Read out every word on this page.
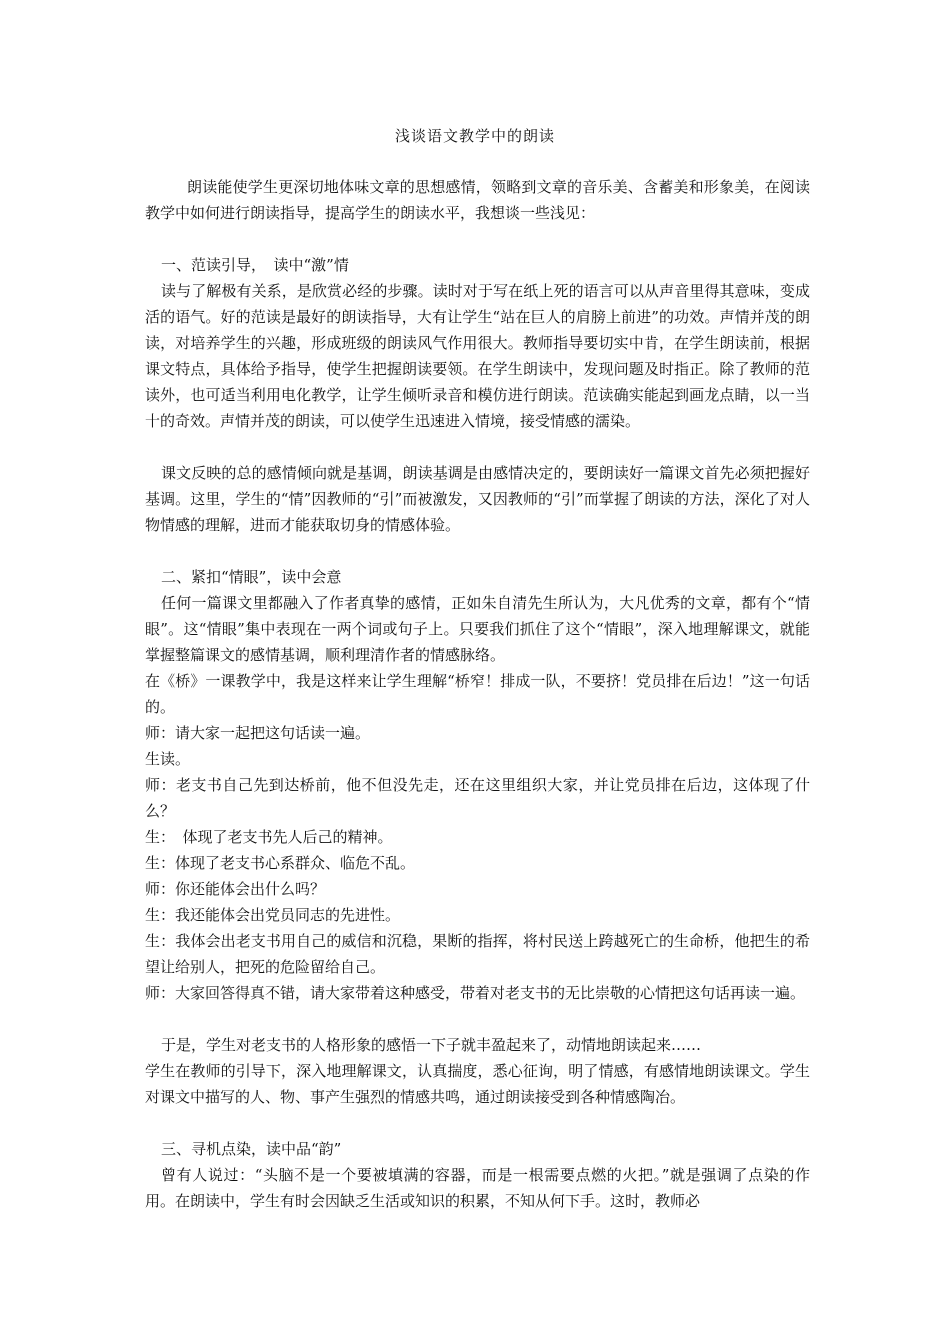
浅谈语文教学中的朗读

朗读能使学生更深切地体味文章的思想感情，领略到文章的音乐美、含蓄美和形象美，在阅读教学中如何进行朗读指导，提高学生的朗读水平，我想谈一些浅见：

一、范读引导，　读中“激”情

读与了解极有关系，是欣赏必经的步骤。读时对于写在纸上死的语言可以从声音里得其意味，变成活的语气。好的范读是最好的朗读指导，大有让学生“站在巨人的肩膀上前进”的功效。声情并茂的朗读，对培养学生的兴趣，形成班级的朗读风气作用很大。教师指导要切实中肯，在学生朗读前，根据课文特点，具体给予指导，使学生把握朗读要领。在学生朗读中，发现问题及时指正。除了教师的范读外，也可适当利用电化教学，让学生倾听录音和模仿进行朗读。范读确实能起到画龙点睛，以一当十的奇效。声情并茂的朗读，可以使学生迅速进入情境，接受情感的濡染。

课文反映的总的感情倾向就是基调，朗读基调是由感情决定的，要朗读好一篇课文首先必须把握好基调。这里，学生的“情”因教师的“引”而被激发，又因教师的“引”而掌握了朗读的方法，深化了对人物情感的理解，进而才能获取切身的情感体验。

二、紧扣“情眼”，读中会意

任何一篇课文里都融入了作者真挚的感情，正如朱自清先生所认为，大凡优秀的文章，都有个“情眼”。这“情眼”集中表现在一两个词或句子上。只要我们抓住了这个“情眼”，深入地理解课文，就能掌握整篇课文的感情基调，顺利理清作者的情感脉络。

在《桥》一课教学中，我是这样来让学生理解“桥窄！排成一队，不要挤！党员排在后边！”这一句话的。

师：请大家一起把这句话读一遍。

生读。

师：老支书自己先到达桥前，他不但没先走，还在这里组织大家，并让党员排在后边，这体现了什么？

生：　体现了老支书先人后己的精神。

生：体现了老支书心系群众、临危不乱。

师：你还能体会出什么吗？

生：我还能体会出党员同志的先进性。

生：我体会出老支书用自己的威信和沉稳，果断的指挥，将村民送上跨越死亡的生命桥，他把生的希望让给别人，把死的危险留给自己。

师：大家回答得真不错，请大家带着这种感受，带着对老支书的无比崇敬的心情把这句话再读一遍。

于是，学生对老支书的人格形象的感悟一下子就丰盈起来了，动情地朗读起来……

学生在教师的引导下，深入地理解课文，认真揣度，悉心征询，明了情感，有感情地朗读课文。学生对课文中描写的人、物、事产生强烈的情感共鸣，通过朗读接受到各种情感陶冶。

三、寻机点染，读中品“韵”

曾有人说过：“头脑不是一个要被填满的容器，而是一根需要点燃的火把。”就是强调了点染的作用。在朗读中，学生有时会因缺乏生活或知识的积累，不知从何下手。这时，教师必
